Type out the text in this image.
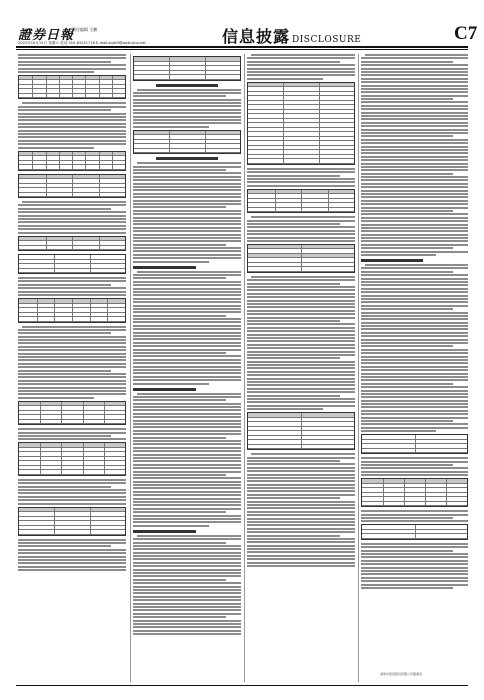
證券日報
责任编辑 王鹏
2022年10月15日 星期六 电话 010-83251716 E-mail:zqrb9@zqrb.sina.net	信息披露 DISCLOSURE	C7
深圳市某某股份有限公司董事会
